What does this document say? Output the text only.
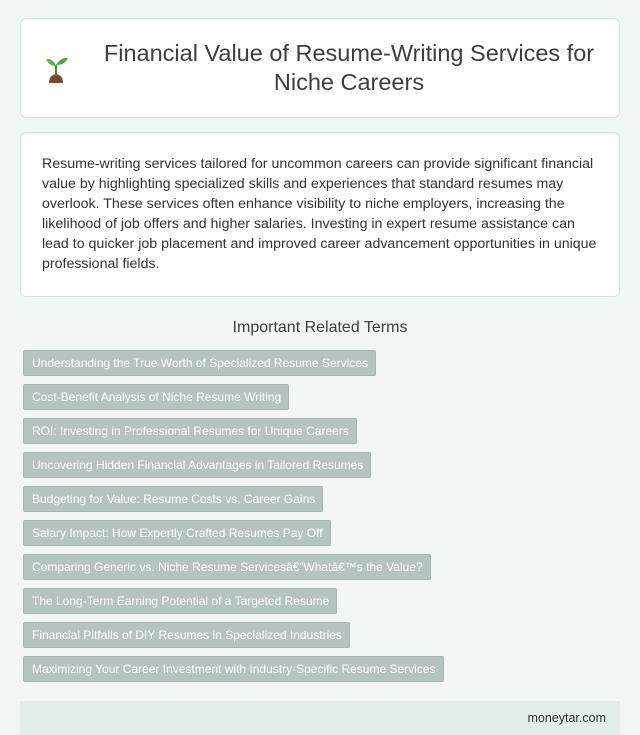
Financial Value of Resume-Writing Services for Niche Careers

Resume-writing services tailored for uncommon careers can provide significant financial value by highlighting specialized skills and experiences that standard resumes may overlook. These services often enhance visibility to niche employers, increasing the likelihood of job offers and higher salaries. Investing in expert resume assistance can lead to quicker job placement and improved career advancement opportunities in unique professional fields.

Important Related Terms
Understanding the True Worth of Specialized Resume Services
Cost-Benefit Analysis of Niche Resume Writing
ROI: Investing in Professional Resumes for Unique Careers
Uncovering Hidden Financial Advantages in Tailored Resumes
Budgeting for Value: Resume Costs vs. Career Gains
Salary Impact: How Expertly Crafted Resumes Pay Off
Comparing Generic vs. Niche Resume Servicesâ€”Whatâ€™s the Value?
The Long-Term Earning Potential of a Targeted Resume
Financial Pitfalls of DIY Resumes in Specialized Industries
Maximizing Your Career Investment with Industry-Specific Resume Services
moneytar.com
